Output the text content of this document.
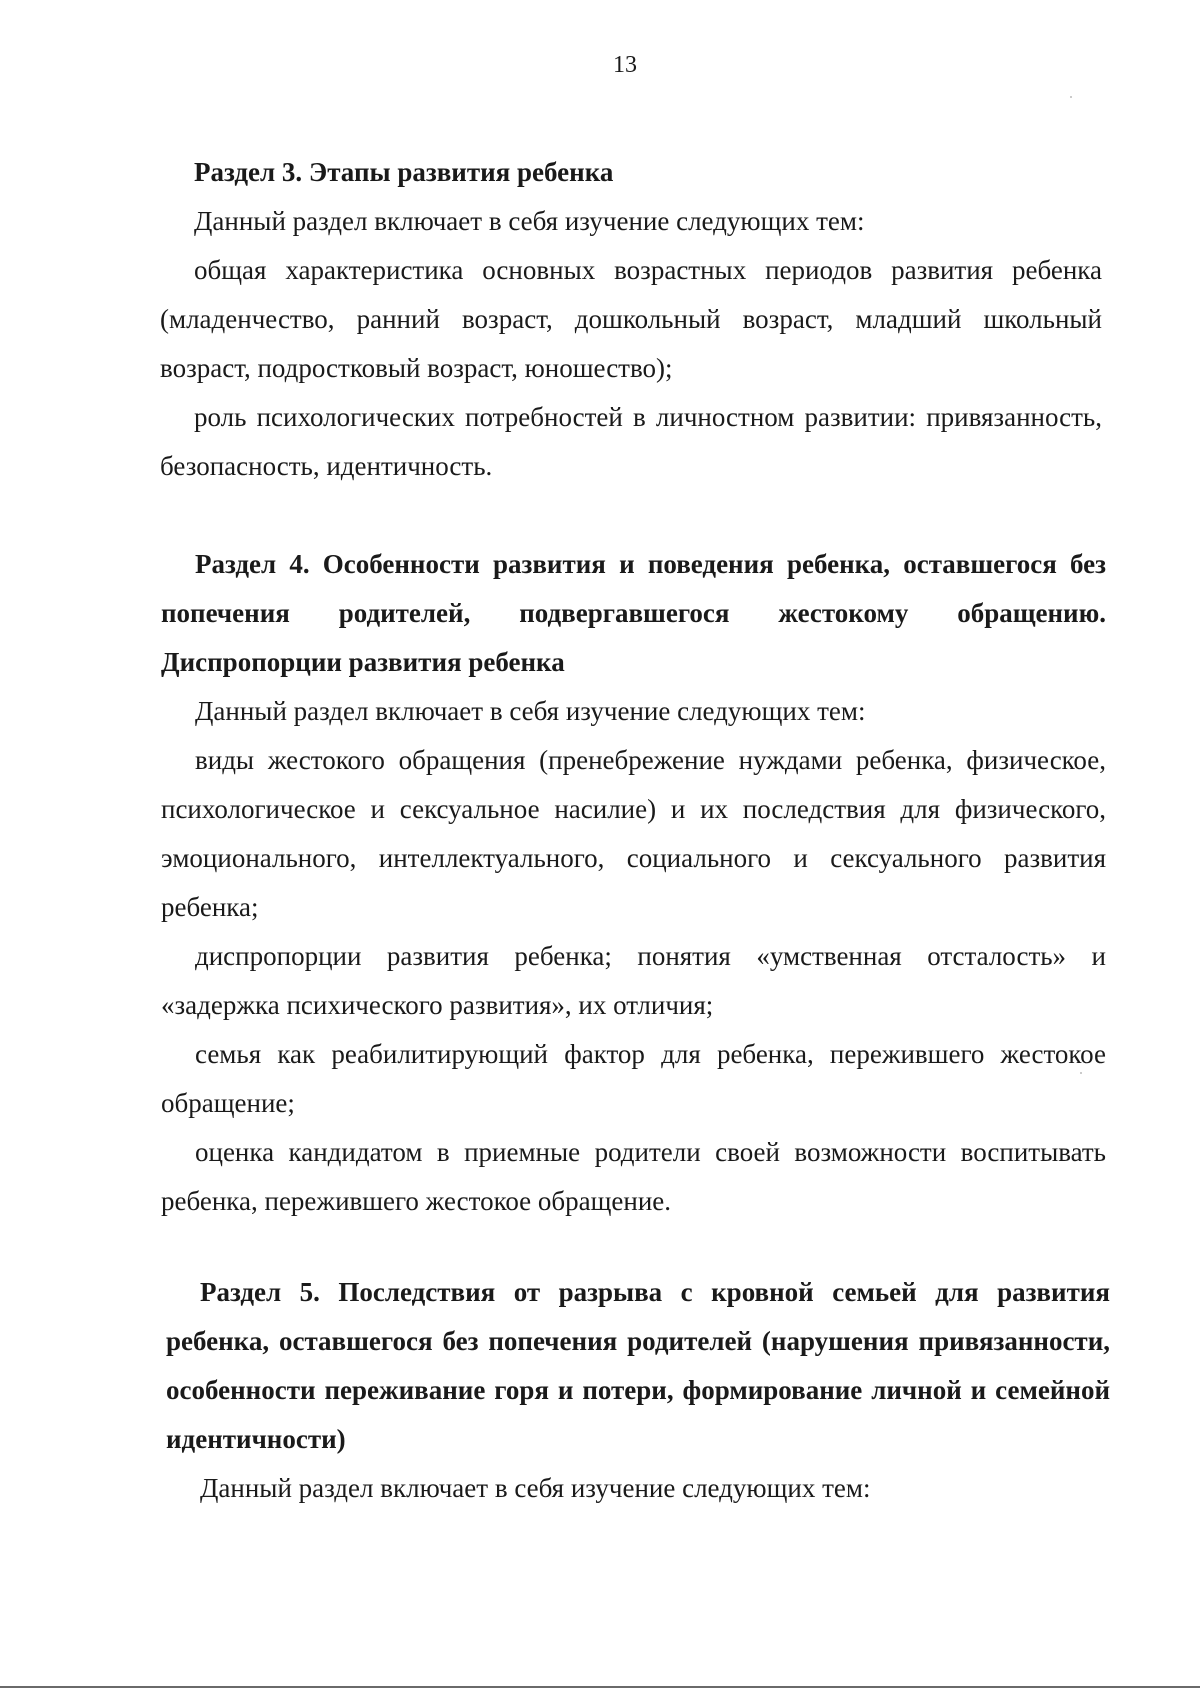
13

Раздел 3. Этапы развития ребенка

Данный раздел включает в себя изучение следующих тем:

общая характеристика основных возрастных периодов развития ребенка (младенчество, ранний возраст, дошкольный возраст, младший школьный возраст, подростковый возраст, юношество);

роль психологических потребностей в личностном развитии: привязанность, безопасность, идентичность.

Раздел 4. Особенности развития и поведения ребенка, оставшегося без попечения родителей, подвергавшегося жестокому обращению. Диспропорции развития ребенка

Данный раздел включает в себя изучение следующих тем:

виды жестокого обращения (пренебрежение нуждами ребенка, физическое, психологическое и сексуальное насилие) и их последствия для физического, эмоционального, интеллектуального, социального и сексуального развития ребенка;

диспропорции развития ребенка; понятия «умственная отсталость» и «задержка психического развития», их отличия;

семья как реабилитирующий фактор для ребенка, пережившего жестокое обращение;

оценка кандидатом в приемные родители своей возможности воспитывать ребенка, пережившего жестокое обращение.

Раздел 5. Последствия от разрыва с кровной семьей для развития ребенка, оставшегося без попечения родителей (нарушения привязанности, особенности переживание горя и потери, формирование личной и семейной идентичности)

Данный раздел включает в себя изучение следующих тем:
